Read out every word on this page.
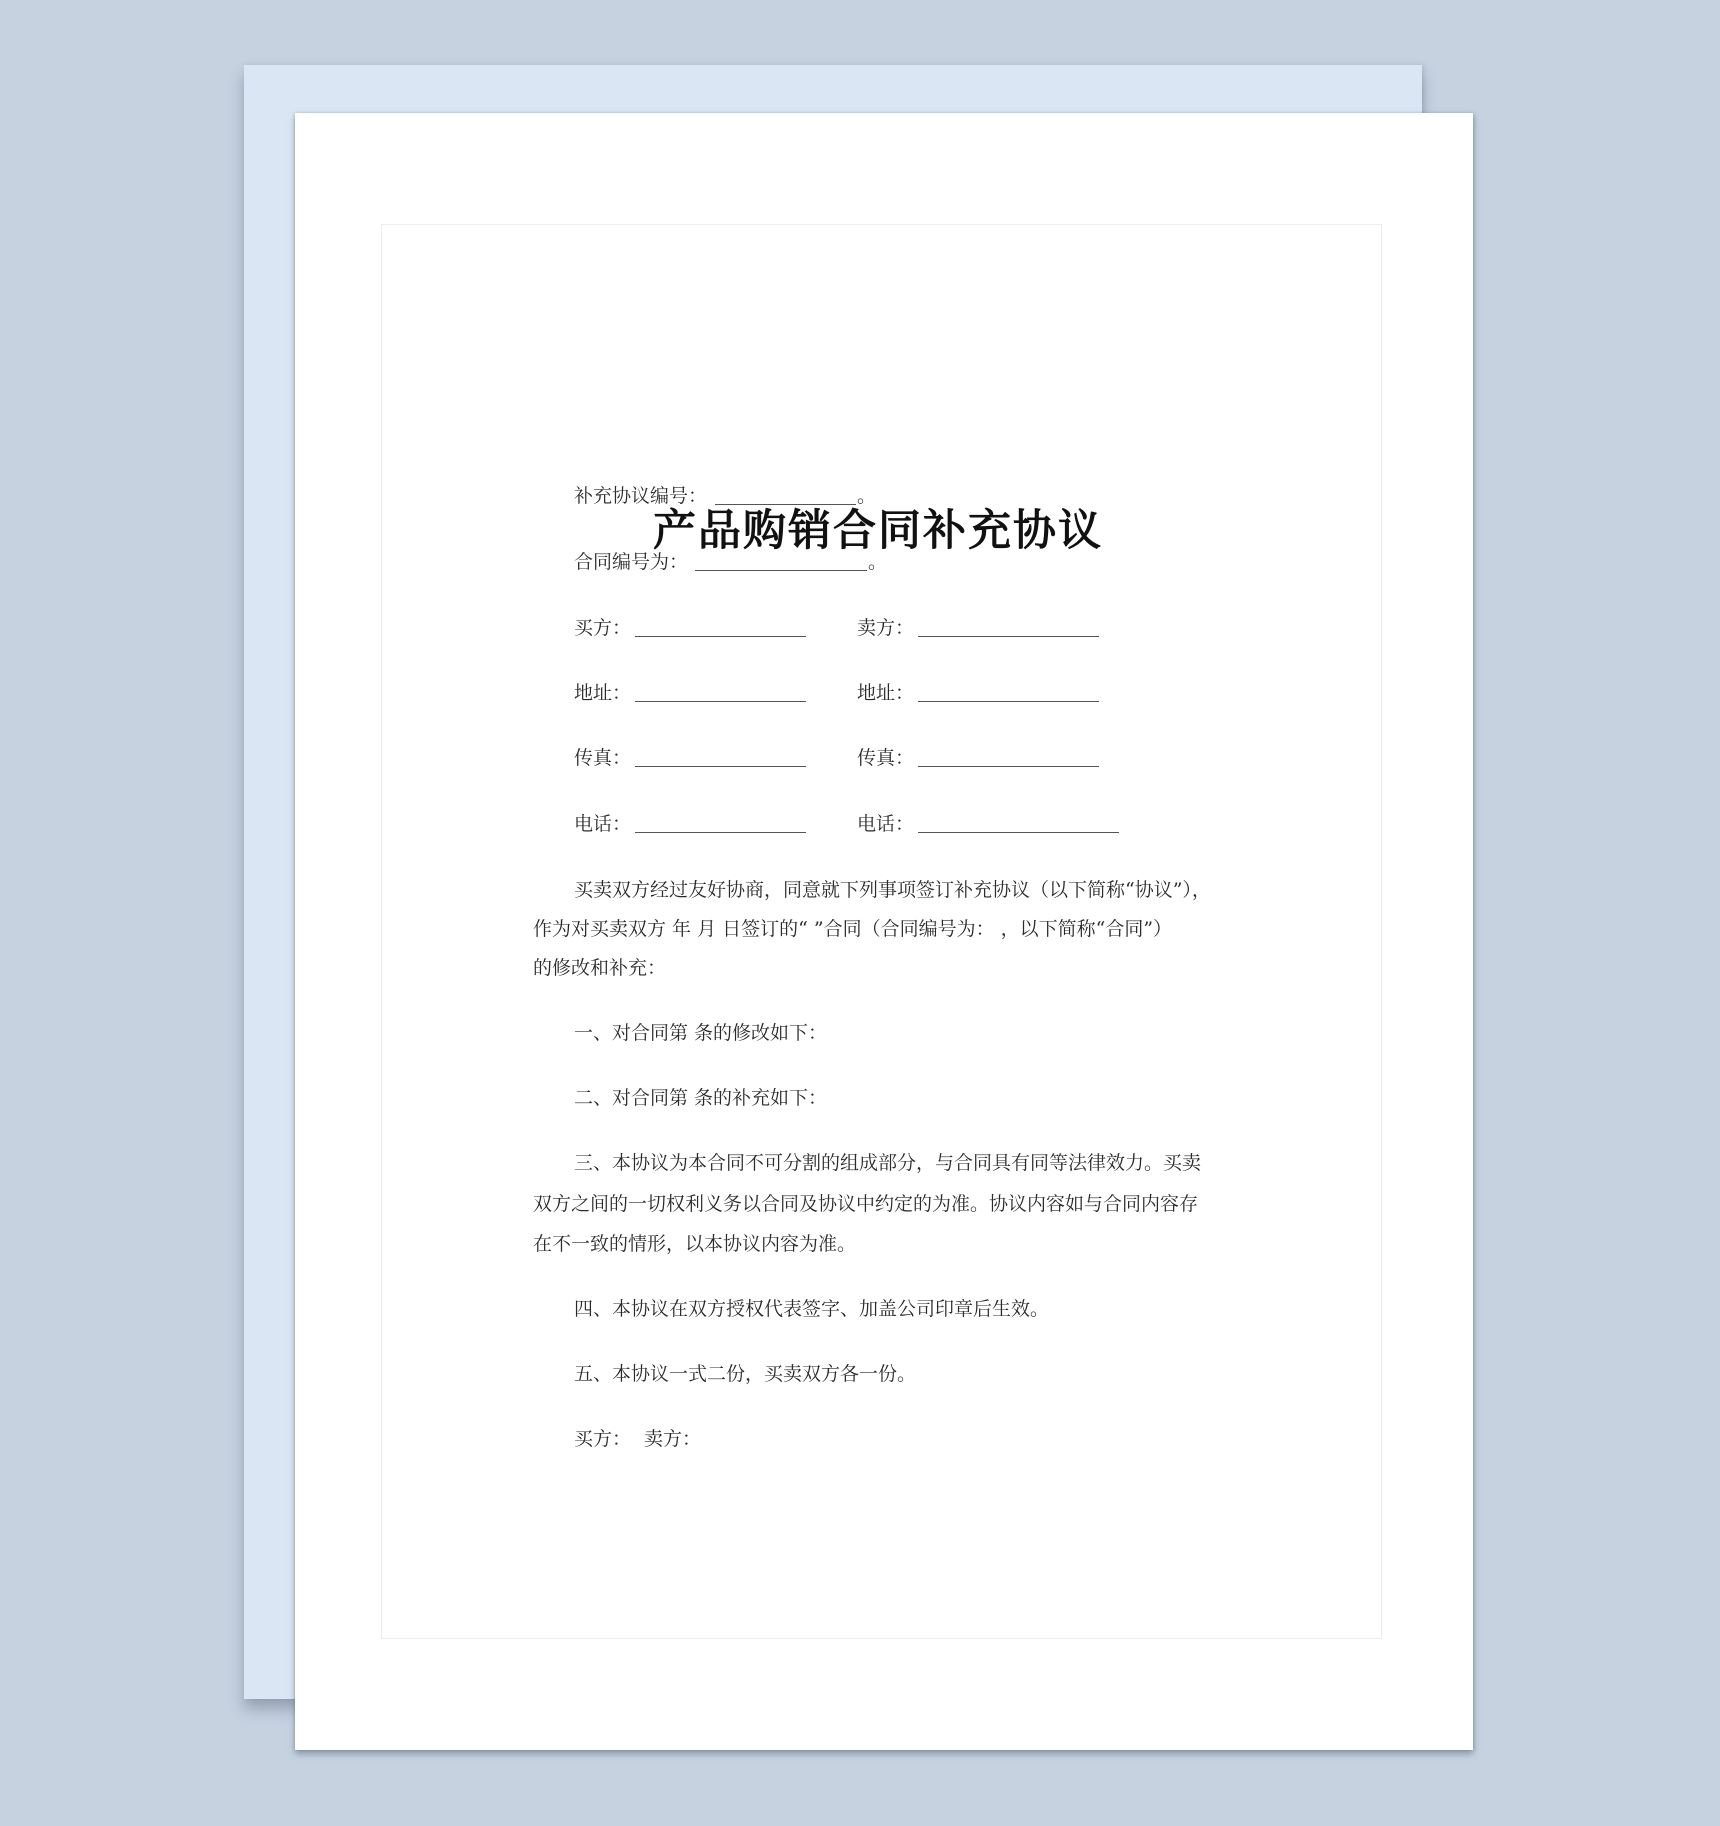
产品购销合同补充协议
补充协议编号：	。
合同编号为：	。
买方：	卖方：
地址：	地址：
传真：	传真：
电话：	电话：
买卖双方经过友好协商，同意就下列事项签订补充协议（以下简称“协议”），
作为对买卖双方 年 月 日签订的“ ”合同（合同编号为： ，以下简称“合同”）
的修改和补充：
一、对合同第 条的修改如下：
二、对合同第 条的补充如下：
三、本协议为本合同不可分割的组成部分，与合同具有同等法律效力。买卖
双方之间的一切权利义务以合同及协议中约定的为准。协议内容如与合同内容存
在不一致的情形，以本协议内容为准。
四、本协议在双方授权代表签字、加盖公司印章后生效。
五、本协议一式二份，买卖双方各一份。
买方： 卖方：
